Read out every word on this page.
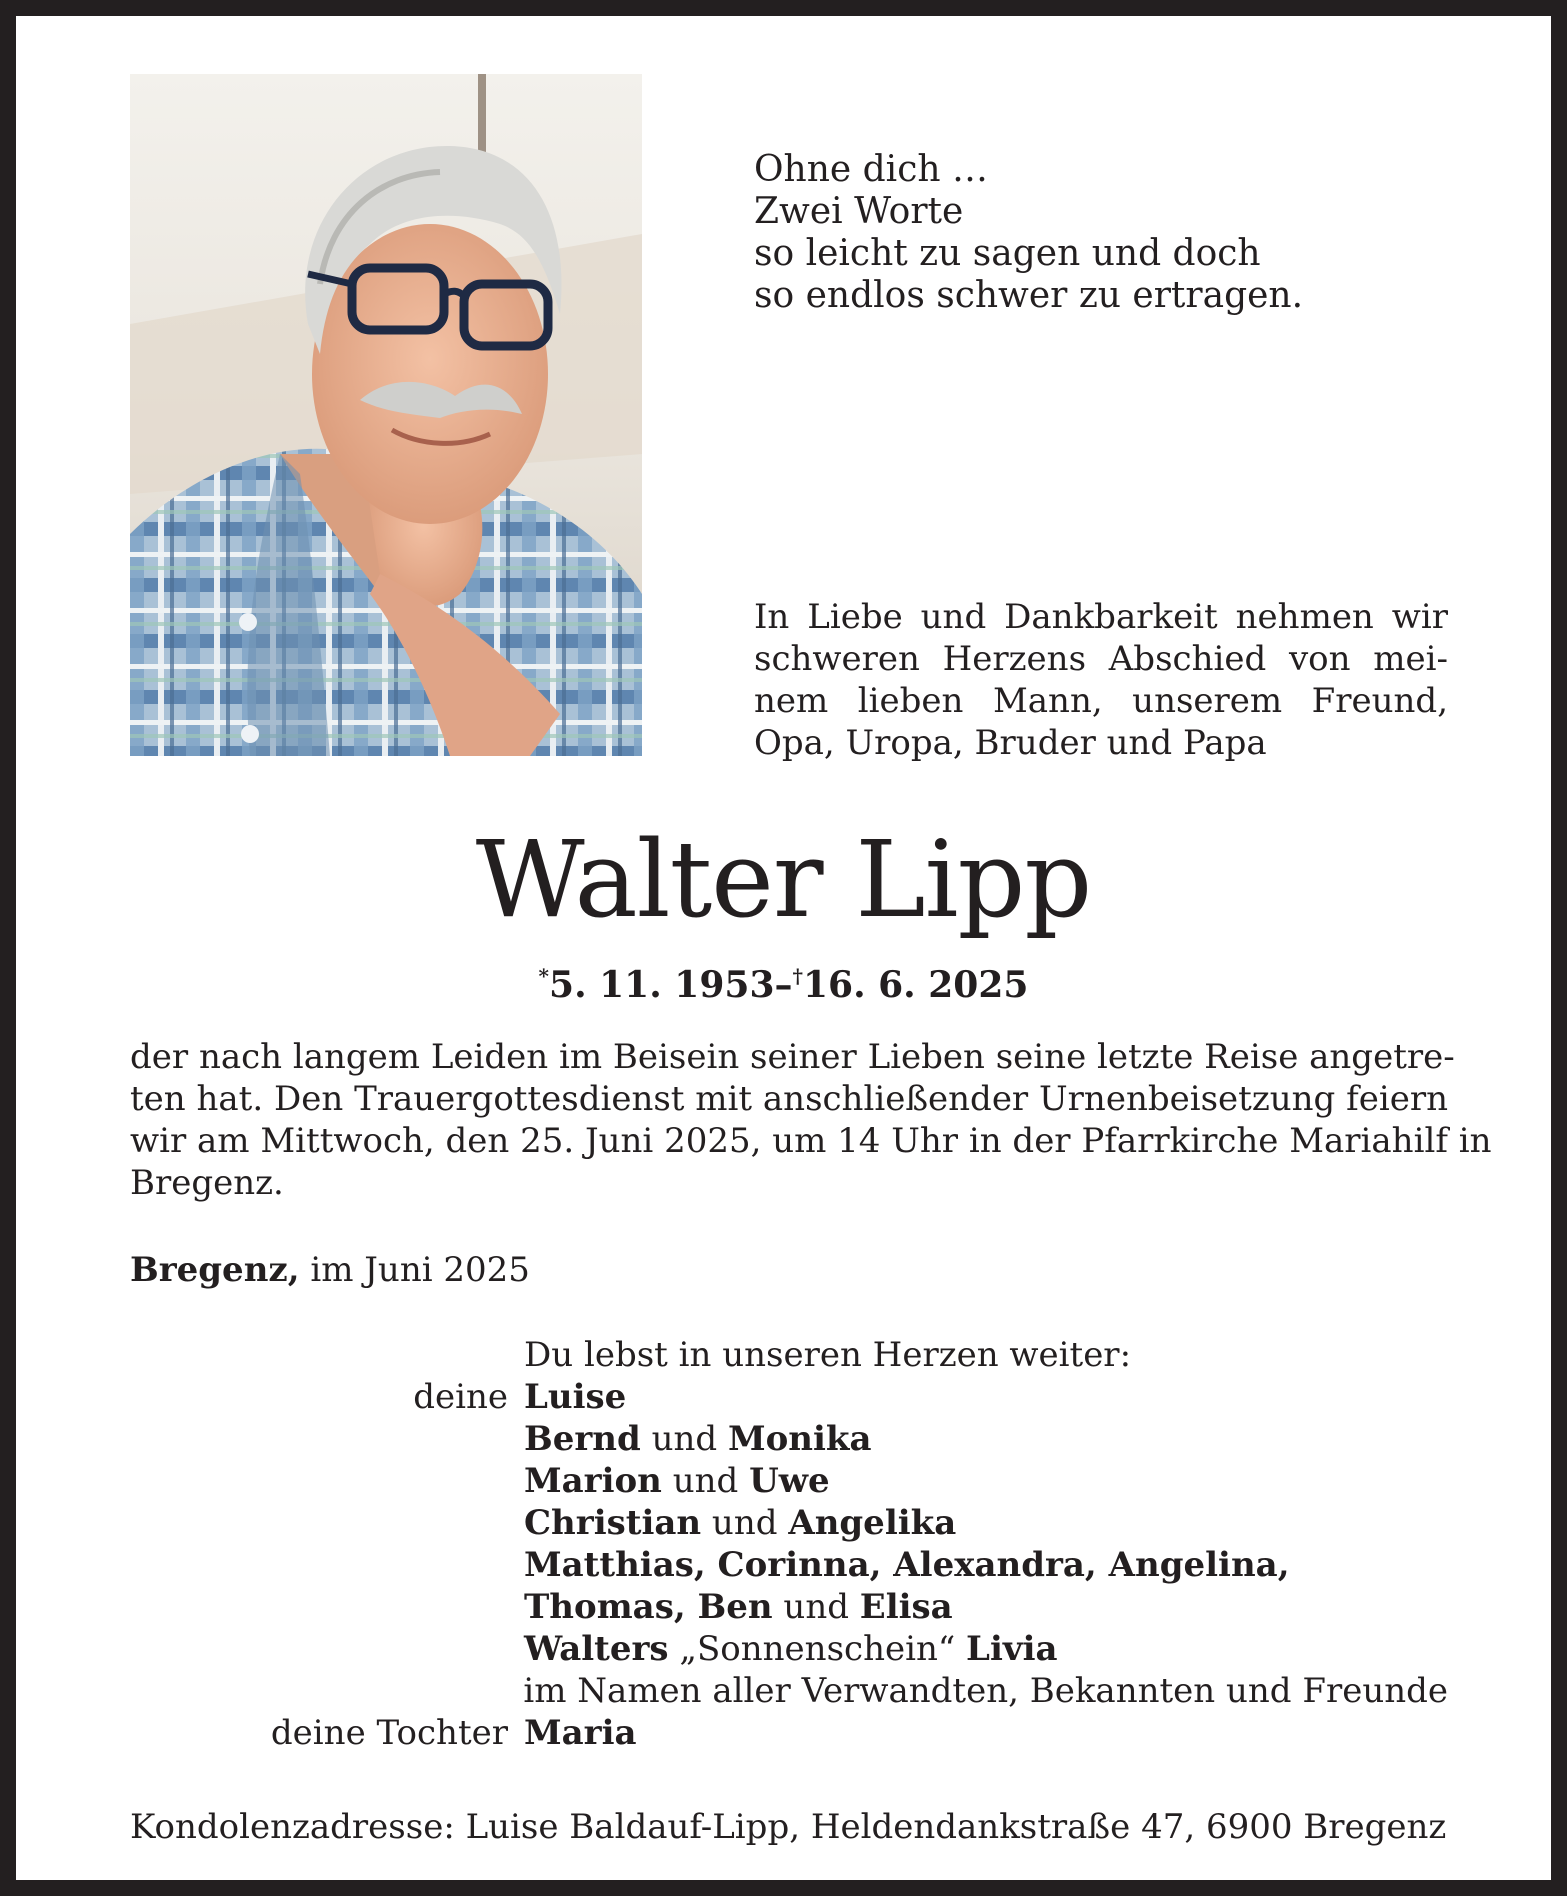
Ohne dich …
Zwei Worte
so leicht zu sagen und doch
so endlos schwer zu ertragen.
In Liebe und Dankbarkeit nehmen wir
schweren Herzens Abschied von mei-
nem lieben Mann, unserem Freund,
Opa, Uropa, Bruder und Papa
Walter Lipp
*5. 11. 1953–†16. 6. 2025
der nach langem Leiden im Beisein seiner Lieben seine letzte Reise angetre-
ten hat. Den Trauergottesdienst mit anschließender Urnenbeisetzung feiern
wir am Mittwoch, den 25. Juni 2025, um 14 Uhr in der Pfarrkirche Mariahilf in
Bregenz.
Bregenz, im Juni 2025
Du lebst in unseren Herzen weiter:
deine Luise
Bernd und Monika
Marion und Uwe
Christian und Angelika
Matthias, Corinna, Alexandra, Angelina,
Thomas, Ben und Elisa
Walters „Sonnenschein“ Livia
im Namen aller Verwandten, Bekannten und Freunde
deine Tochter Maria
Kondolenzadresse: Luise Baldauf-Lipp, Heldendankstraße 47, 6900 Bregenz
